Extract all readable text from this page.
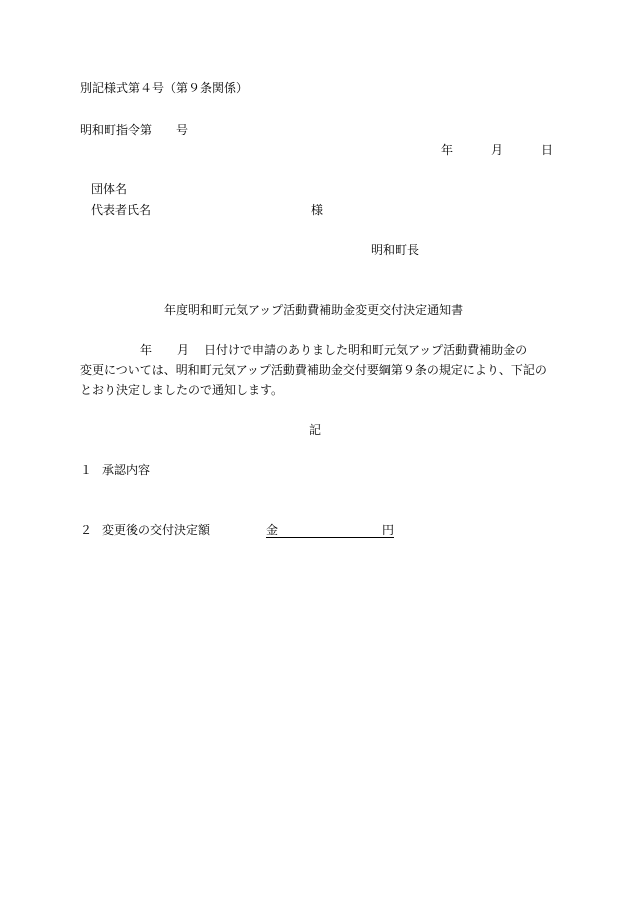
別記様式第４号（第９条関係）
明和町指令第　　号
年	月	日
団体名
代表者氏名	様
明和町長
年度明和町元気アップ活動費補助金変更交付決定通知書
年 月 日付けで申請のありました明和町元気アップ活動費補助金の
変更については、明和町元気アップ活動費補助金交付要綱第９条の規定により、下記の
とおり決定しましたので通知します。
記
１ 承認内容
２ 変更後の交付決定額	金	円
